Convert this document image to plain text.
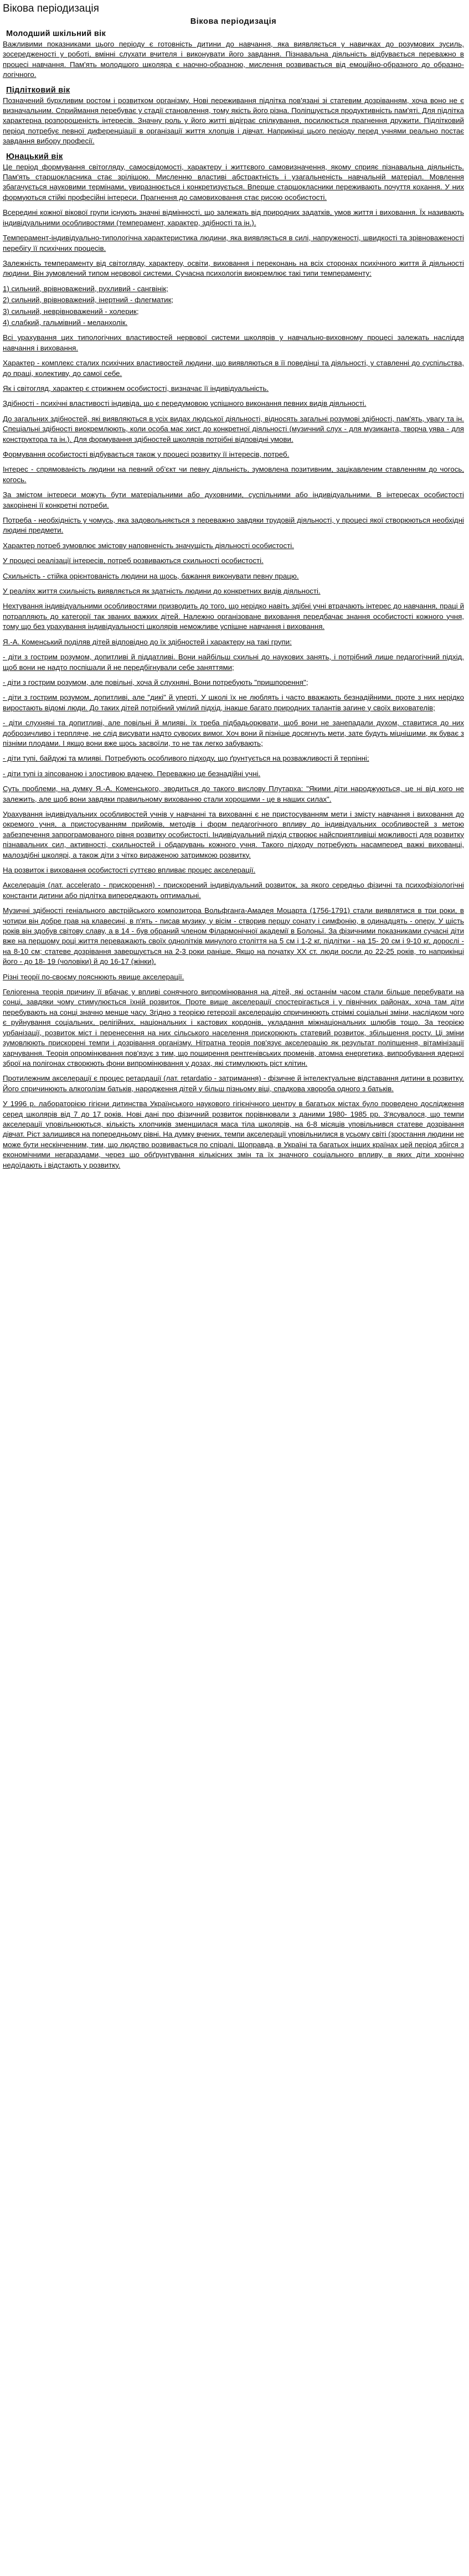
Вікова періодизація
Вікова періодизація
Молодший шкільний вік

Важливими показниками цього періоду є готовність дитини до навчання, яка виявляється у навичках до розумових зусиль, зосередженості у роботі, вмінні слухати вчителя і виконувати його завдання. Пізнавальна діяльність відбувається переважно в процесі навчання. Пам'ять молодшого школяра є наочно-образною, мислення розвивається від емоційно-образного до образно-логічного.

Підлітковий вік

Позначений бурхливим ростом і розвитком організму. Нові переживання підлітка пов'язані зі статевим дозріванням, хоча воно не є визначальним. Сприймання перебуває у стадії становлення, тому якість його різна. Поліпшується продуктивність пам'яті. Для підлітка характерна розпорошеність інтересів. Значну роль у його житті відіграє спілкування, посилюється прагнення дружити. Підлітковий період потребує певної диференціації в організації життя хлопців і дівчат. Наприкінці цього періоду перед учнями реально постає завдання вибору професії.

Юнацький вік

Це період формування світогляду, самосвідомості, характеру і життєвого самовизначення, якому сприяє пізнавальна діяльність. Пам'ять старшокласника стає зрілішою. Мисленню властиві абстрактність і узагальненість навчальній матеріал. Мовлення збагачується науковими термінами, увиразнюється і конкретизується. Вперше старшокласники переживають почуття кохання. У них формуються стійкі професійні інтереси. Прагнення до самовиховання стає рисою особистості.

Всередині кожної вікової групи існують значні відмінності, що залежать від природних задатків, умов життя і виховання. Їх називають індивідуальними особливостями (темперамент, характер, здібності та ін.).

Темперамент-індивідуально-типологічна характеристика людини, яка виявляється в силі, напруженості, швидкості та зрівноваженості перебігу її психічних процесів.

Залежність темпераменту від світогляду, характеру, освіти, виховання і переконань на всіх сторонах психічного життя й діяльності людини. Він зумовлений типом нервової системи. Сучасна психологія виокремлює такі типи темпераменту:

1) сильний, врівноважений, рухливий - сангвінік;

2) сильний, врівноважений, інертний - флегматик;

3) сильний, неврівноважений - холерик;

4) слабкий, гальмівний - меланхолік.

Всі урахування цих типологічних властивостей нервової системи школярів у навчально-виховному процесі залежать насліддя навчання і виховання.

Характер - комплекс сталих психічних властивостей людини, що виявляються в її поведінці та діяльності, у ставленні до суспільства, до праці, колективу, до самої себе.

Як і світогляд, характер є стрижнем особистості, визначає її індивідуальність.

Здібності - психічні властивості індивіда, що є передумовою успішного виконання певних видів діяльності.

До загальних здібностей, які виявляються в усіх видах людської діяльності, відносять загальні розумові здібності, пам'ять, увагу та ін. Спеціальні здібності виокремлюють, коли особа має хист до конкретної діяльності (музичний слух - для музиканта, творча уява - для конструктора та ін.). Для формування здібностей школярів потрібні відповідні умови.

Формування особистості відбувається також у процесі розвитку її інтересів, потреб.

Інтерес - спрямованість людини на певний об'єкт чи певну діяльність, зумовлена позитивним, зацікавленим ставленням до чогось, когось.

За змістом інтереси можуть бути матеріальними або духовними, суспільними або індивідуальними. В інтересах особистості закорінені її конкретні потреби.

Потреба - необхідність у чомусь, яка задовольняється з переважно завдяки трудовій діяльності, у процесі якої створюються необхідні людині предмети.

Характер потреб зумовлює змістову наповненість значущість діяльності особистості.

У процесі реалізації інтересів, потреб розвиваються схильності особистості.

Схильність - стійка орієнтованість людини на щось, бажання виконувати певну працю.

У реаліях життя схильність виявляється як здатність людини до конкретних видів діяльності.

Нехтування індивідуальними особливостями призводить до того, що нерідко навіть здібні учні втрачають інтерес до навчання, праці й потрапляють до категорії так званих важких дітей. Належно організоване виховання передбачає знання особистості кожного учня, тому що без урахування індивідуальності школярів неможливе успішне навчання і виховання.

Я.-А. Коменський поділяв дітей відповідно до їх здібностей і характеру на такі групи:

- діти з гострим розумом, допитливі й піддатливі. Вони найбільш схильні до наукових занять, і потрібний лише педагогічний підхід, щоб вони не надто поспішали й не передбігнували себе заняттями;

- діти з гострим розумом, але повільні, хоча й слухняні. Вони потребують "пришпорення";

- діти з гострим розумом, допитливі, але "дикі" й уперті. У школі їх не люблять і часто вважають безнадійними, проте з них нерідко виростають відомі люди. До таких дітей потрібний умілий підхід, інакше багато природних талантів загине у своїх вихователів;

- діти слухняні та допитливі, але повільні й млияві. їх треба підбадьорювати, щоб вони не занепадали духом, ставитися до них доброзичливо і терпляче, не слід висувати надто суворих вимог. Хоч вони й пізніше досягнуть мети, зате будуть міцнішими, як буває з пізніми плодами. І якщо вони вже щось засвоїли, то не так легко забувають;

- діти тупі, байдужі та млияві. Потребують особливого підходу, що ґрунтується на розважливості й терпінні;

- діти тупі із зіпсованою і злостивою вдачею. Переважно це безнадійні учні.

Суть проблеми, на думку Я.-А. Коменського, зводиться до такого вислову Плутарха: "Якими діти народжуються, це ні від кого не залежить, але щоб вони завдяки правильному вихованню стали хорошими - це в наших силах".

Урахування індивідуальних особливостей учнів у навчанні та вихованні є не пристосуванням мети і змісту навчання і виховання до окремого учня, а пристосуванням прийомів, методів і форм педагогічного впливу до індивідуальних особливостей з метою забезпечення запрограмованого рівня розвитку особистості. Індивідуальний підхід створює найсприятливіші можливості для розвитку пізнавальних сил, активності, схильностей і обдарувань кожного учня. Такого підходу потребують насамперед важкі вихованці, малоздібні школярі, а також діти з чітко вираженою затримкою розвитку.

На розвиток і виховання особистості суттєво впливає процес акселерації.

Акселерація (лат. accelerato - прискорення) - прискорений індивідуальний розвиток, за якого середньо фізичні та психофізіологічні константи дитини або підлітка випереджають оптимальні.

Музичні здібності геніального австрійського композитора Вольфганга-Амадея Моцарта (1756-1791) стали виявлятися в три роки, в чотири він добре грав на клавесині, в п'ять - писав музику, у вісім - створив першу сонату і симфонію, в одинадцять - оперу. У шість років він здобув світову славу, а в 14 - був обраний членом Філармонічної академії в Болоньї. За фізичними показниками сучасні діти вже на першому році життя переважають своїх однолітків минулого століття на 5 см і 1-2 кг, підлітки - на 15- 20 см і 9-10 кг, дорослі - на 8-10 см; статеве дозрівання завершується на 2-3 роки раніше. Якщо на початку XX ст. люди росли до 22-25 років, то наприкінці його - до 18- 19 (чоловіки) й до 16-17 (жінки).

Різні теорії по-своєму пояснюють явище акселерації.

Геліогенна теорія причину її вбачає у впливі сонячного випромінювання на дітей, які останнім часом стали більше перебувати на сонці, завдяки чому стимулюється їхній розвиток. Проте вище акселерації спостерігається і у північних районах, хоча там діти перебувають на сонці значно менше часу. Згідно з теорією гетерозії акселерацію спричинюють стрімкі соціальні зміни, наслідком чого є руйнування соціальних, релігійних, національних і кастових кордонів, укладання міжнаціональних шлюбів тощо. За теорією урбанізації, розвиток міст і перенесення на них сільського населення прискорюють статевий розвиток, збільшення росту. Ці зміни зумовлюють прискорені темпи і дозрівання організму. Нітратна теорія пов'язує акселерацію як результат поліпшення, вітамінізації харчування. Теорія опромінювання пов'язує з тим, що поширення рентгенівських променів, атомна енергетика, випробування ядерної зброї на полігонах створюють фони випромінювання у дозах, які стимулюють ріст клітин.

Протилежним акселерації є процес ретардації (лат. retardatio - затримання) - фізичне й інтелектуальне відставання дитини в розвитку. Його спричинюють алкоголізм батьків, народження дітей у більш пізньому віці, спадкова хвороба одного з батьків.

У 1996 р. лабораторією гігієни дитинства Українського наукового гігієнічного центру в багатьох містах було проведено дослідження серед школярів від 7 до 17 років. Нові дані про фізичний розвиток порівнювали з даними 1980- 1985 рр. З'ясувалося, що темпи акселерації уповільнюються, кількість хлопчиків зменшилася маса тіла школярів, на 6-8 місяців уповільнився статеве дозрівання дівчат. Ріст залишився на попередньому рівні. На думку вчених, темпи акселерації уповільнилися в усьому світі (зростання людини не може бути нескінченним, тим, що людство розвивається по спіралі. Щоправда, в Україні та багатьох інших країнах цей період збігся з економічними негараздами, через що обґрунтування кількісних змін та їх значного соціального впливу, в яких діти хронічно недоїдають і відстають у розвитку.
